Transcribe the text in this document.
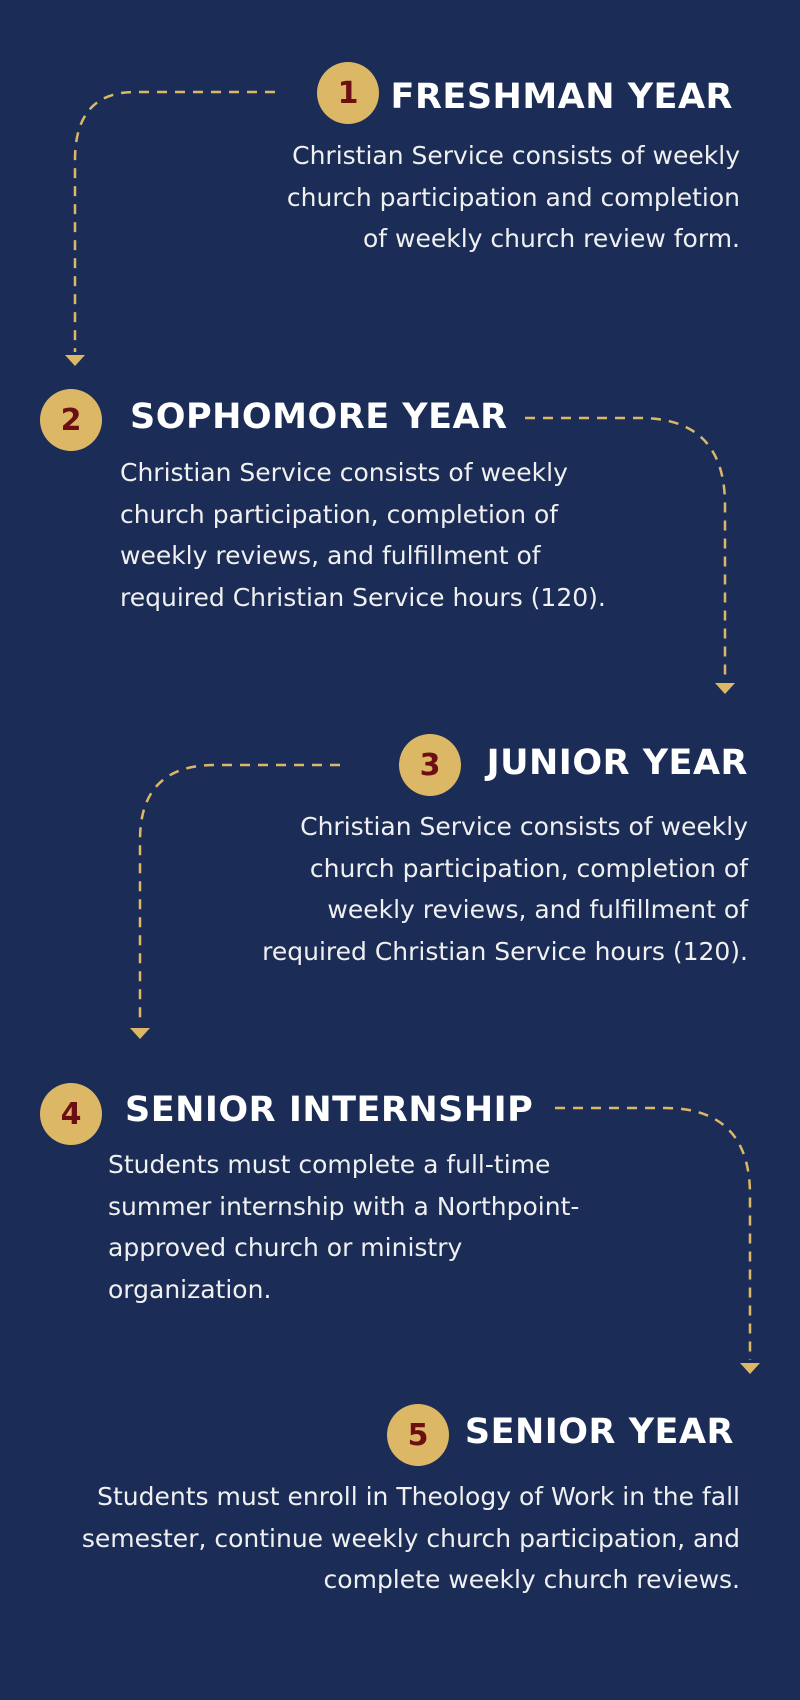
1 FRESHMAN YEAR
Christian Service consists of weekly
church participation and completion
of weekly church review form.
2 SOPHOMORE YEAR
Christian Service consists of weekly
church participation, completion of
weekly reviews, and fulfillment of
required Christian Service hours (120).
3 JUNIOR YEAR
Christian Service consists of weekly
church participation, completion of
weekly reviews, and fulfillment of
required Christian Service hours (120).
4 SENIOR INTERNSHIP
Students must complete a full-time
summer internship with a Northpoint-
approved church or ministry
organization.
5 SENIOR YEAR
Students must enroll in Theology of Work in the fall
semester, continue weekly church participation, and
complete weekly church reviews.
